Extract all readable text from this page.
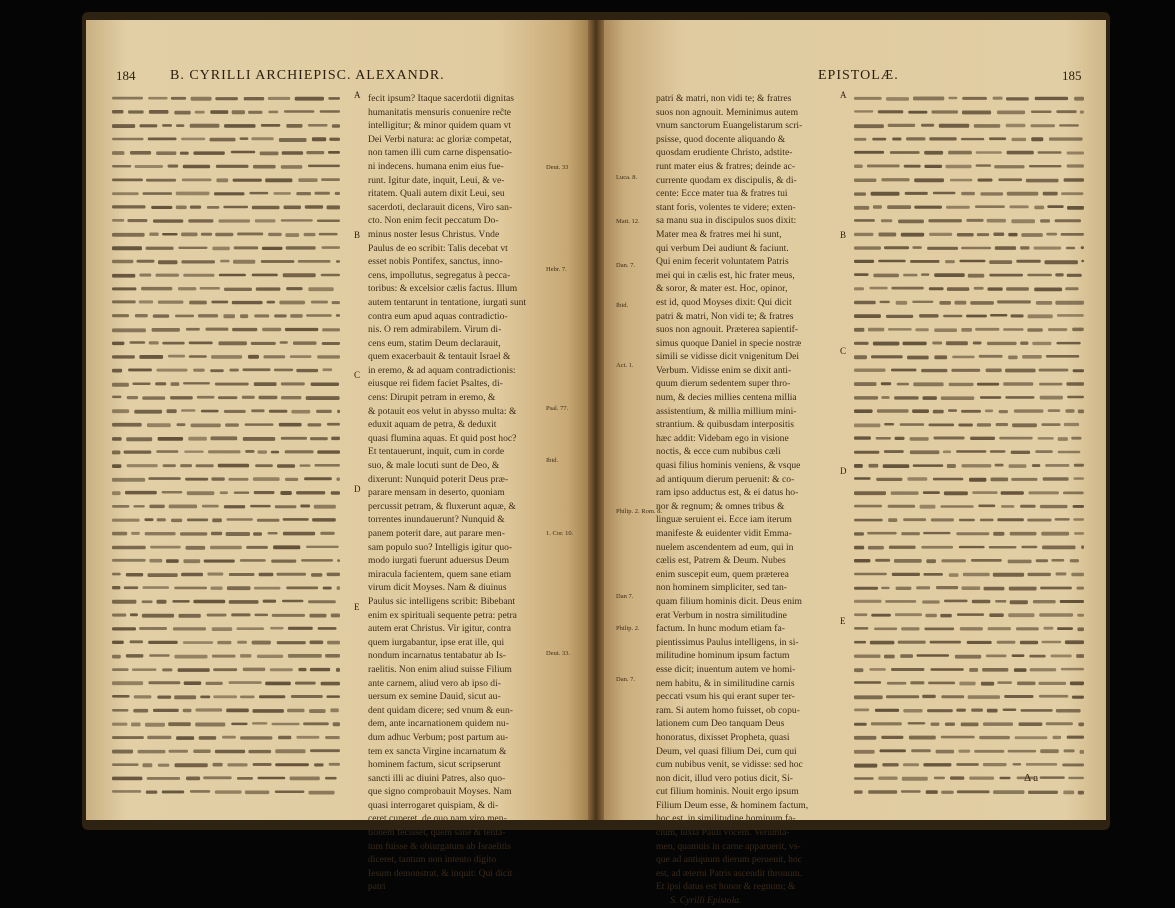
184 B. CYRILLI ARCHIEPISC. ALEXANDR.

fecit ipsum? Itaque sacerdotii dignitas

humanitatis mensuris conuenire reĉte

intelligitur; & minor quidem quam vt

Dei Verbi natura: ac gloriæ competat,

non tamen illi cum carne dispensatio-

ni indecens. humana enim eius fue-

runt. Igitur date, inquit, Leui, & ve-

ritatem. Quali autem dixit Leui, seu

sacerdoti, declarauit dicens, Viro san-

cto. Non enim fecit peccatum Do-

minus noster Iesus Christus. Vnde

Paulus de eo scribit: Talis decebat vt

esset nobis Pontifex, sanctus, inno-

cens, impollutus, segregatus à pecca-

toribus: & excelsior cælis factus. Illum

autem tentarunt in tentatione, iurgati sunt

contra eum apud aquas contradictio-

nis. O rem admirabilem. Virum di-

cens eum, statim Deum declarauit,

quem exacerbauit & tentauit Israel &

in eremo, & ad aquam contradictionis:

eiusque rei fidem faciet Psaltes, di-

cens: Dirupit petram in eremo, &

& potauit eos velut in abysso multa: &

eduxit aquam de petra, & deduxit

quasi flumina aquas. Et quid post hoc?

Et tentauerunt, inquit, cum in corde

suo, & male locuti sunt de Deo, &

dixerunt: Nunquid poterit Deus præ-

parare mensam in deserto, quoniam

percussit petram, & fluxerunt aquæ, &

torrentes inundauerunt? Nunquid &

panem poterit dare, aut parare men-

sam populo suo? Intelligis igitur quo-

modo iurgati fuerunt aduersus Deum

miracula facientem, quem sane etiam

virum dicit Moyses. Nam & diuinus

Paulus sic intelligens scribit: Bibebant

enim ex spirituali sequente petra: petra

autem erat Christus. Vir igitur, contra

quem iurgabantur, ipse erat ille, qui

nondum incarnatus tentabatur ab Is-

raelitis. Non enim aliud suisse Filium

ante carnem, aliud vero ab ipso di-

uersum ex semine Dauid, sicut au-

dent quidam dicere; sed vnum & eun-

dem, ante incarnationem quidem nu-

dum adhuc Verbum; post partum au-

tem ex sancta Virgine incarnatum &

hominem factum, sicut scripserunt

sancti illi ac diuini Patres, also quo-

que signo comprobauit Moyses. Nam

quasi interrogaret quispiam, & di-

ceret cuperet, de quo nam viro men-

tionem fecisset, quem sane & tenta-

tum fuisse & obiurgatum ab Israelitis

diceret, tantum non intento digito

Iesum demonstrat, & inquit: Qui dicit

patri

Deut. 33
Hebr. 7.
Psal. 77.
Ibid.
1. Cor. 10.
Deut. 33.
A
B
C
D
E
EPISTOLÆ.	185

patri & matri, non vidi te; & fratres

suos non agnouit. Meminimus autem

vnum sanctorum Euangelistarum scri-

psisse, quod docente aliquando &

quosdam erudiente Christo, adstite-

runt mater eius & fratres; deinde ac-

currente quodam ex discipulis, & di-

cente: Ecce mater tua & fratres tui

stant foris, volentes te videre; exten-

sa manu sua in discipulos suos dixit:

Mater mea & fratres mei hi sunt,

qui verbum Dei audiunt & faciunt.

Qui enim fecerit voluntatem Patris

mei qui in cælis est, hic frater meus,

& soror, & mater est. Hoc, opinor,

est id, quod Moyses dixit: Qui dicit

patri & matri, Non vidi te; & fratres

suos non agnouit. Præterea sapientif-

simus quoque Daniel in specie nostræ

simili se vidisse dicit vnigenitum Dei

Verbum. Vidisse enim se dixit anti-

quum dierum sedentem super thro-

num, & decies millies centena millia

assistentium, & millia millium mini-

strantium. & quibusdam interpositis

hæc addit: Videbam ego in visione

noctis, & ecce cum nubibus cæli

quasi filius hominis veniens, & vsque

ad antiquum dierum peruenit: & co-

ram ipso adductus est, & ei datus ho-

nor & regnum; & omnes tribus &

linguæ seruient ei. Ecce iam iterum

manifeste & euidenter vidit Emma-

nuelem ascendentem ad eum, qui in

cælis est, Patrem & Deum. Nubes

enim suscepit eum, quem præterea

non hominem simpliciter, sed tan-

quam filium hominis dicit. Deus enim

erat Verbum in nostra similitudine

factum. In hunc modum etiam fa-

pientissimus Paulus intelligens, in si-

militudine hominum ipsum factum

esse dicit; inuentum autem ve homi-

nem habitu, & in similitudine carnis

peccati vsum his qui erant super ter-

ram. Si autem homo fuisset, ob copu-

lationem cum Deo tanquam Deus

honoratus, dixisset Propheta, quasi

Deum, vel quasi filium Dei, cum qui

cum nubibus venit, se vidisse: sed hoc

non dicit, illud vero potius dicit, Si-

cut filium hominis. Nouit ergo ipsum

Filium Deum esse, & hominem factum,

hoc est, in similitudine hominum fa-

ctum, iuxta Pauli vocem. Verumta-

men, quamuis in carne apparuerit, vs-

que ad antiquum dierum peruenit, hoc

est, ad æterni Patris ascendit thronum.

Et ipsi datus est honor & regnum; &

S. Cyrilli Epistola.

Luca. 8.
Matt. 12.
Dan. 7.
Ibid.
Act. 1.
Philip. 2. Rom. 8.
Dan 7.
Philip. 2.
Dan. 7.
A
B
C
D
E
Δ a
